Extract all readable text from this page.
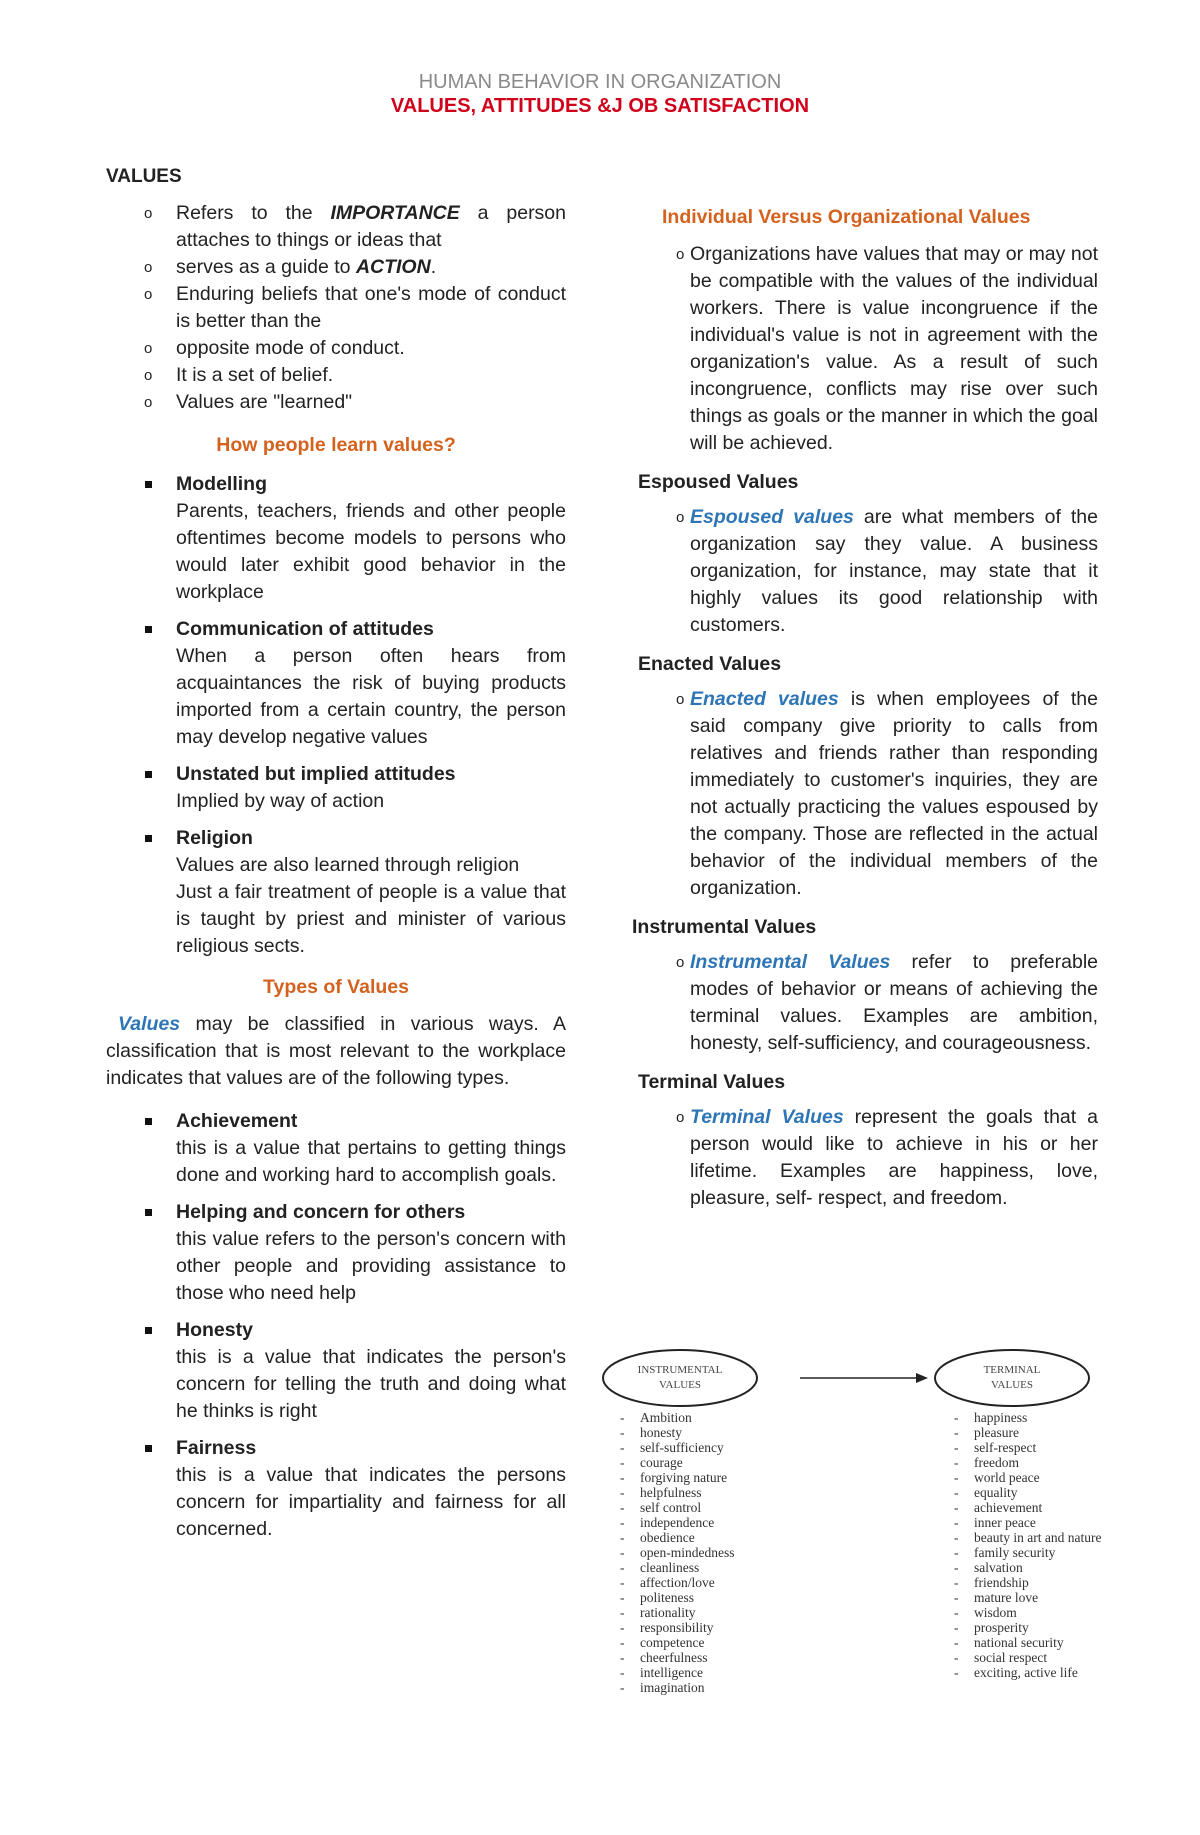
HUMAN BEHAVIOR IN ORGANIZATION
VALUES, ATTITUDES &J OB SATISFACTION
VALUES
o Refers to the IMPORTANCE a person attaches to things or ideas that
o serves as a guide to ACTION.
o Enduring beliefs that one's mode of conduct is better than the
o opposite mode of conduct.
o It is a set of belief.
o Values are "learned"
How people learn values?
Modelling
Parents, teachers, friends and other people oftentimes become models to persons who would later exhibit good behavior in the workplace
Communication of attitudes
When a person often hears from acquaintances the risk of buying products imported from a certain country, the person may develop negative values
Unstated but implied attitudes
Implied by way of action
Religion
Values are also learned through religion
Just a fair treatment of people is a value that is taught by priest and minister of various religious sects.
Types of Values

Values may be classified in various ways. A classification that is most relevant to the workplace indicates that values are of the following types.

Achievement
this is a value that pertains to getting things done and working hard to accomplish goals.
Helping and concern for others
this value refers to the person's concern with other people and providing assistance to those who need help
Honesty
this is a value that indicates the person's concern for telling the truth and doing what he thinks is right
Fairness
this is a value that indicates the persons concern for impartiality and fairness for all concerned.
Individual Versus Organizational Values
o Organizations have values that may or may not be compatible with the values of the individual workers. There is value incongruence if the individual's value is not in agreement with the organization's value. As a result of such incongruence, conflicts may rise over such things as goals or the manner in which the goal will be achieved.
Espoused Values
o Espoused values are what members of the organization say they value. A business organization, for instance, may state that it highly values its good relationship with customers.
Enacted Values
o Enacted values is when employees of the said company give priority to calls from relatives and friends rather than responding immediately to customer's inquiries, they are not actually practicing the values espoused by the company. Those are reflected in the actual behavior of the individual members of the organization.
Instrumental Values
o Instrumental Values refer to preferable modes of behavior or means of achieving the terminal values. Examples are ambition, honesty, self-sufficiency, and courageousness.
Terminal Values
o Terminal Values represent the goals that a person would like to achieve in his or her lifetime. Examples are happiness, love, pleasure, self- respect, and freedom.
INSTRUMENTAL
VALUES
TERMINAL
VALUES
- Ambition
- honesty
- self-sufficiency
- courage
- forgiving nature
- helpfulness
- self control
- independence
- obedience
- open-mindedness
- cleanliness
- affection/love
- politeness
- rationality
- responsibility
- competence
- cheerfulness
- intelligence
- imagination
- happiness
- pleasure
- self-respect
- freedom
- world peace
- equality
- achievement
- inner peace
- beauty in art and nature
- family security
- salvation
- friendship
- mature love
- wisdom
- prosperity
- national security
- social respect
- exciting, active life
